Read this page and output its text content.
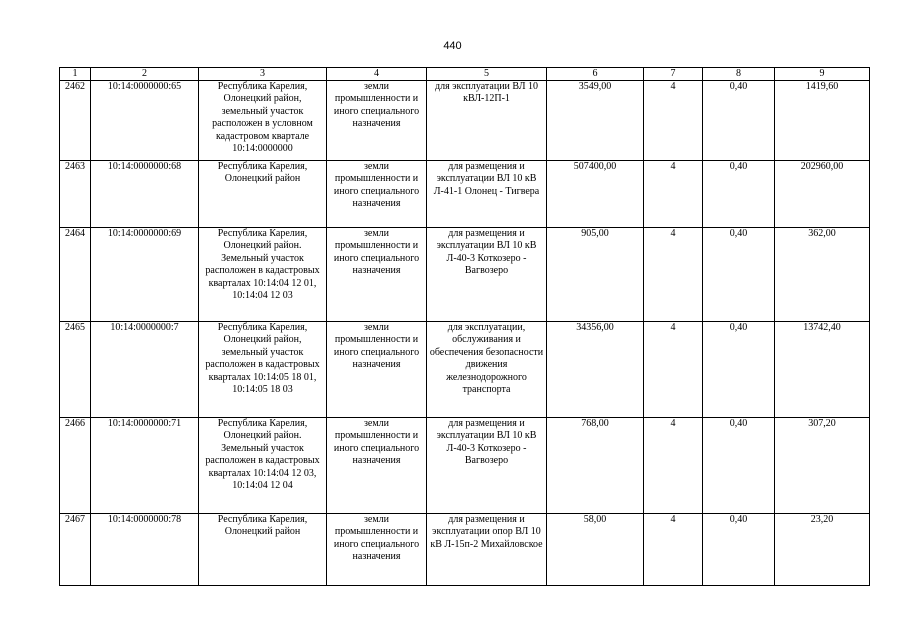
440
1	2	3	4	5	6	7	8	9
2462	10:14:0000000:65	Республика Карелия, Олонецкий район, земельный участок расположен в условном кадастровом квартале 10:14:0000000	земли промышленности и иного специального назначения	для эксплуатации ВЛ 10 кВЛ-12П-1	3549,00	4	0,40	1419,60
2463	10:14:0000000:68	Республика Карелия, Олонецкий район	земли промышленности и иного специального назначения	для размещения и эксплуатации ВЛ 10 кВ Л-41-1 Олонец - Тигвера	507400,00	4	0,40	202960,00
2464	10:14:0000000:69	Республика Карелия, Олонецкий район. Земельный участок расположен в кадастровых кварталах 10:14:04 12 01, 10:14:04 12 03	земли промышленности и иного специального назначения	для размещения и эксплуатации ВЛ 10 кВ Л-40-3 Коткозеро - Вагвозеро	905,00	4	0,40	362,00
2465	10:14:0000000:7	Республика Карелия, Олонецкий район, земельный участок расположен в кадастровых кварталах 10:14:05 18 01, 10:14:05 18 03	земли промышленности и иного специального назначения	для эксплуатации, обслуживания и обеспечения безопасности движения железнодорожного транспорта	34356,00	4	0,40	13742,40
2466	10:14:0000000:71	Республика Карелия, Олонецкий район. Земельный участок расположен в кадастровых кварталах 10:14:04 12 03, 10:14:04 12 04	земли промышленности и иного специального назначения	для размещения и эксплуатации ВЛ 10 кВ Л-40-3 Коткозеро - Вагвозеро	768,00	4	0,40	307,20
2467	10:14:0000000:78	Республика Карелия, Олонецкий район	земли промышленности и иного специального назначения	для размещения и эксплуатации опор ВЛ 10 кВ Л-15п-2 Михайловское	58,00	4	0,40	23,20
